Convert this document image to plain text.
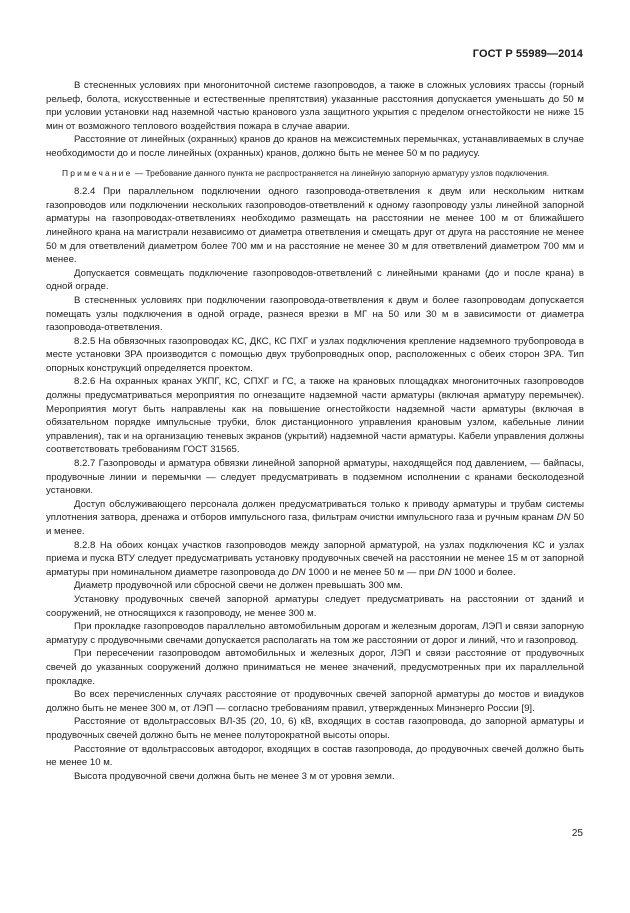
ГОСТ Р 55989—2014

В стесненных условиях при многониточной системе газопроводов, а также в сложных условиях трассы (горный рельеф, болота, искусственные и естественные препятствия) указанные расстояния допускается уменьшать до 50 м при условии установки над наземной частью кранового узла защитного укрытия с пределом огнестойкости не ниже 15 мин от возможного теплового воздействия пожара в случае аварии.

Расстояние от линейных (охранных) кранов до кранов на межсистемных перемычках, устанавливаемых в случае необходимости до и после линейных (охранных) кранов, должно быть не менее 50 м по радиусу.

Примечание — Требование данного пункта не распространяется на линейную запорную арматуру узлов подключения.

8.2.4 При параллельном подключении одного газопровода-ответвления к двум или нескольким ниткам газопроводов или подключении нескольких газопроводов-ответвлений к одному газопроводу узлы линейной запорной арматуры на газопроводах-ответвлениях необходимо размещать на расстоянии не менее 100 м от ближайшего линейного крана на магистрали независимо от диаметра ответвления и смещать друг от друга на расстояние не менее 50 м для ответвлений диаметром более 700 мм и на расстояние не менее 30 м для ответвлений диаметром 700 мм и менее.

Допускается совмещать подключение газопроводов-ответвлений с линейными кранами (до и после крана) в одной ограде.

В стесненных условиях при подключении газопровода-ответвления к двум и более газопроводам допускается помещать узлы подключения в одной ограде, разнеся врезки в МГ на 50 или 30 м в зависимости от диаметра газопровода-ответвления.

8.2.5 На обвязочных газопроводах КС, ДКС, КС ПХГ и узлах подключения крепление надземного трубопровода в месте установки ЗРА производится с помощью двух трубопроводных опор, расположенных с обеих сторон ЗРА. Тип опорных конструкций определяется проектом.

8.2.6 На охранных кранах УКПГ, КС, СПХГ и ГС, а также на крановых площадках многониточных газопроводов должны предусматриваться мероприятия по огнезащите надземной части арматуры (включая арматуру перемычек). Мероприятия могут быть направлены как на повышение огнестойкости надземной части арматуры (включая в обязательном порядке импульсные трубки, блок дистанционного управления крановым узлом, кабельные линии управления), так и на организацию теневых экранов (укрытий) надземной части арматуры. Кабели управления должны соответствовать требованиям ГОСТ 31565.

8.2.7 Газопроводы и арматура обвязки линейной запорной арматуры, находящейся под давлением, — байпасы, продувочные линии и перемычки — следует предусматривать в подземном исполнении с кранами бесколодезной установки.

Доступ обслуживающего персонала должен предусматриваться только к приводу арматуры и трубам системы уплотнения затвора, дренажа и отборов импульсного газа, фильтрам очистки импульсного газа и ручным кранам DN 50 и менее.

8.2.8 На обоих концах участков газопроводов между запорной арматурой, на узлах подключения КС и узлах приема и пуска ВТУ следует предусматривать установку продувочных свечей на расстоянии не менее 15 м от запорной арматуры при номинальном диаметре газопровода до DN 1000 и не менее 50 м — при DN 1000 и более.

Диаметр продувочной или сбросной свечи не должен превышать 300 мм.

Установку продувочных свечей запорной арматуры следует предусматривать на расстоянии от зданий и сооружений, не относящихся к газопроводу, не менее 300 м.

При прокладке газопроводов параллельно автомобильным дорогам и железным дорогам, ЛЭП и связи запорную арматуру с продувочными свечами допускается располагать на том же расстоянии от дорог и линий, что и газопровод.

При пересечении газопроводом автомобильных и железных дорог, ЛЭП и связи расстояние от продувочных свечей до указанных сооружений должно приниматься не менее значений, предусмотренных при их параллельной прокладке.

Во всех перечисленных случаях расстояние от продувочных свечей запорной арматуры до мостов и виадуков должно быть не менее 300 м, от ЛЭП — согласно требованиям правил, утвержденных Минэнерго России [9].

Расстояние от вдольтрассовых ВЛ-35 (20, 10, 6) кВ, входящих в состав газопровода, до запорной арматуры и продувочных свечей должно быть не менее полуторократной высоты опоры.

Расстояние от вдольтрассовых автодорог, входящих в состав газопровода, до продувочных свечей должно быть не менее 10 м.

Высота продувочной свечи должна быть не менее 3 м от уровня земли.

25
